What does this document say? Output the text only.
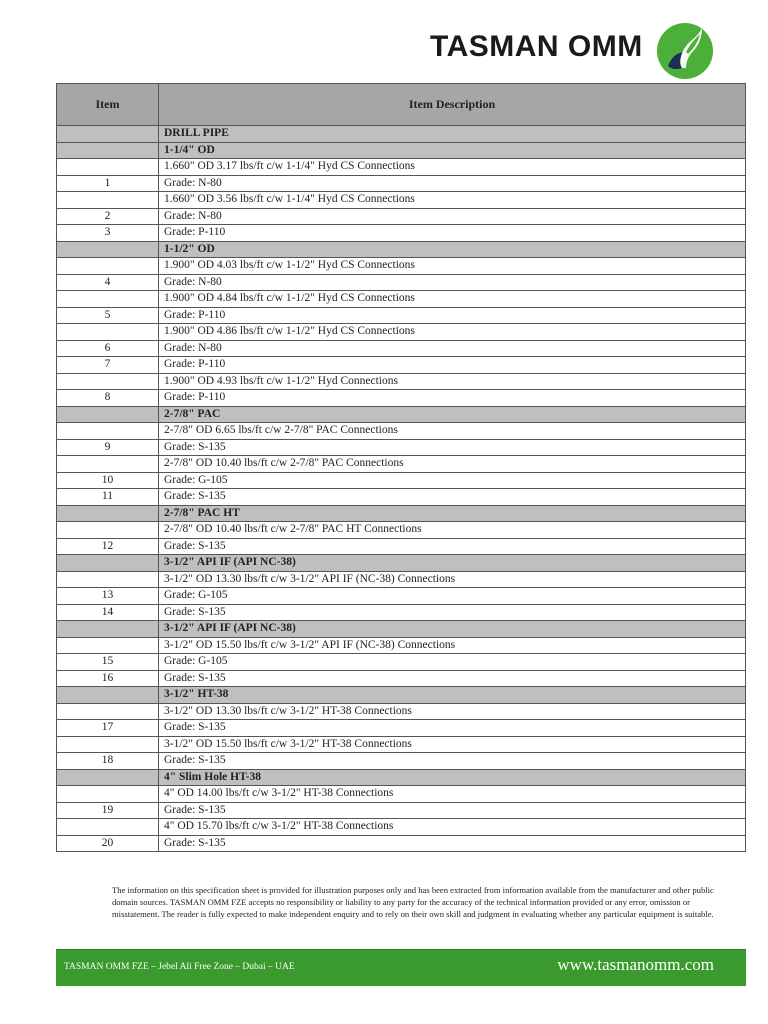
TASMAN OMM
Item	Item Description
	DRILL PIPE
	1-1/4" OD
	1.660" OD 3.17 lbs/ft c/w 1-1/4" Hyd CS Connections
1	Grade: N-80
	1.660" OD 3.56 lbs/ft c/w 1-1/4" Hyd CS Connections
2	Grade: N-80
3	Grade: P-110
	1-1/2" OD
	1.900" OD 4.03 lbs/ft c/w 1-1/2" Hyd CS Connections
4	Grade: N-80
	1.900" OD 4.84 lbs/ft c/w 1-1/2" Hyd CS Connections
5	Grade: P-110
	1.900" OD 4.86 lbs/ft c/w 1-1/2" Hyd CS Connections
6	Grade: N-80
7	Grade: P-110
	1.900" OD 4.93 lbs/ft c/w 1-1/2" Hyd Connections
8	Grade: P-110
	2-7/8" PAC
	2-7/8" OD 6.65 lbs/ft c/w 2-7/8" PAC Connections
9	Grade: S-135
	2-7/8" OD 10.40 lbs/ft c/w 2-7/8" PAC Connections
10	Grade: G-105
11	Grade: S-135
	2-7/8" PAC HT
	2-7/8" OD 10.40 lbs/ft c/w 2-7/8" PAC HT Connections
12	Grade: S-135
	3-1/2" API IF (API NC-38)
	3-1/2" OD 13.30 lbs/ft c/w 3-1/2" API IF (NC-38) Connections
13	Grade: G-105
14	Grade: S-135
	3-1/2" API IF (API NC-38)
	3-1/2" OD 15.50 lbs/ft c/w 3-1/2" API IF (NC-38) Connections
15	Grade: G-105
16	Grade: S-135
	3-1/2" HT-38
	3-1/2" OD 13.30 lbs/ft c/w 3-1/2" HT-38 Connections
17	Grade: S-135
	3-1/2" OD 15.50 lbs/ft c/w 3-1/2" HT-38 Connections
18	Grade: S-135
	4" Slim Hole HT-38
	4" OD 14.00 lbs/ft c/w 3-1/2" HT-38 Connections
19	Grade: S-135
	4" OD 15.70 lbs/ft c/w 3-1/2" HT-38 Connections
20	Grade: S-135
The information on this specification sheet is provided for illustration purposes only and has been extracted from information available from the manufacturer and other public domain sources. TASMAN OMM FZE accepts no responsibility or liability to any party for the accuracy of the technical information provided or any error, omission or misstatement. The reader is fully expected to make independent enquiry and to rely on their own skill and judgment in evaluating whether any particular equipment is suitable.
TASMAN OMM FZE – Jebel Ali Free Zone – Dubai – UAE	www.tasmanomm.com
